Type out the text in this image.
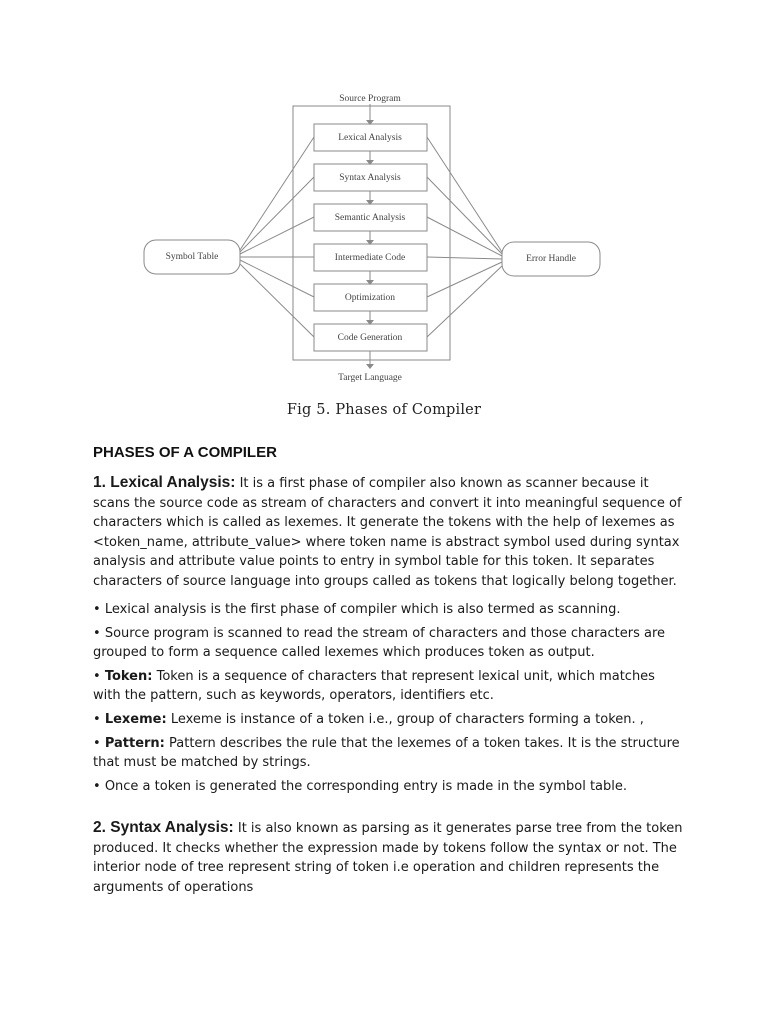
Source Program
Lexical Analysis
Syntax Analysis
Semantic Analysis
Intermediate Code
Optimization
Code Generation
Symbol Table	Error Handle
Target Language
Fig 5. Phases of Compiler
PHASES OF A COMPILER

1. Lexical Analysis: It is a first phase of compiler also known as scanner because it scans the source code as stream of characters and convert it into meaningful sequence of characters which is called as lexemes. It generate the tokens with the help of lexemes as <token_name, attribute_value> where token name is abstract symbol used during syntax analysis and attribute value points to entry in symbol table for this token. It separates characters of source language into groups called as tokens that logically belong together.

• Lexical analysis is the first phase of compiler which is also termed as scanning.

• Source program is scanned to read the stream of characters and those characters are grouped to form a sequence called lexemes which produces token as output.

• Token: Token is a sequence of characters that represent lexical unit, which matches with the pattern, such as keywords, operators, identifiers etc.

• Lexeme: Lexeme is instance of a token i.e., group of characters forming a token. ,

• Pattern: Pattern describes the rule that the lexemes of a token takes. It is the structure that must be matched by strings.

• Once a token is generated the corresponding entry is made in the symbol table.

2. Syntax Analysis: It is also known as parsing as it generates parse tree from the token produced. It checks whether the expression made by tokens follow the syntax or not. The interior node of tree represent string of token i.e operation and children represents the arguments of operations
